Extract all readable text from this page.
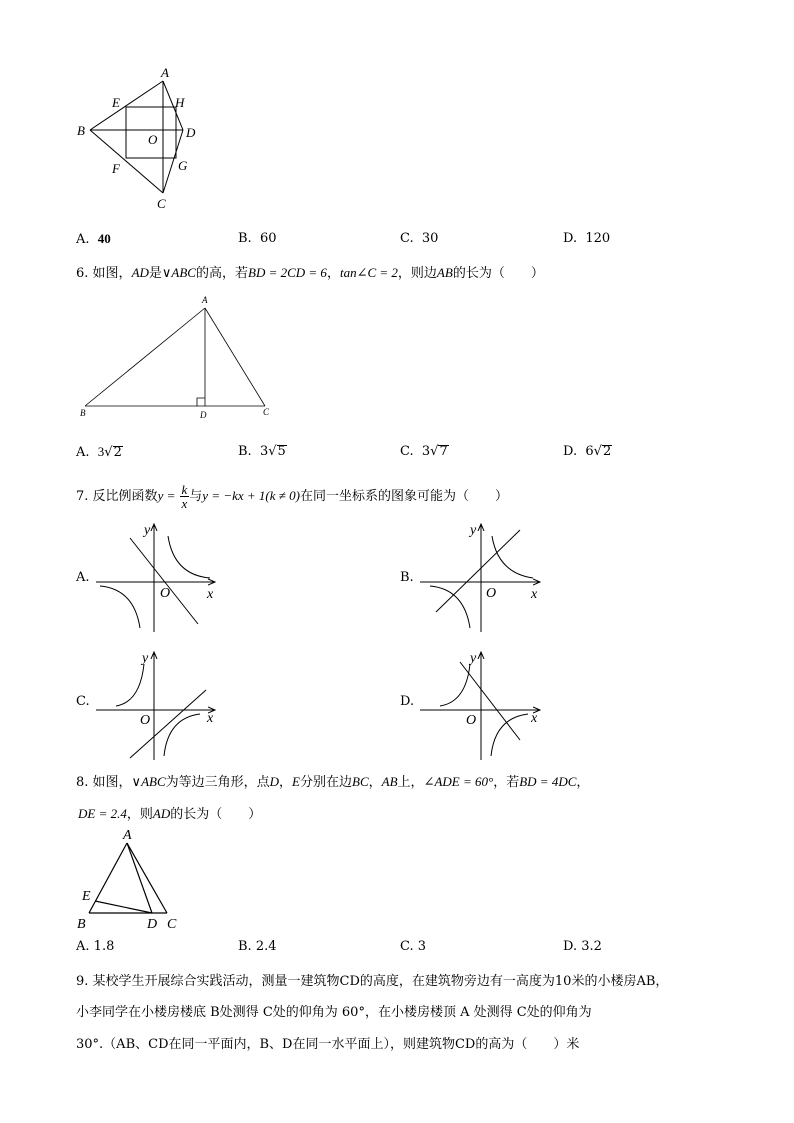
A
E	H
B
O D
F	G
C
A. 40	B. 60	C. 30	D. 120
6. 如图，AD是∨ABC的高，若BD = 2CD = 6，tan∠C = 2，则边AB的长为（　　）
A
B	D	C
A. 3√2	B. 3√5	C. 3√7	D. 6√2
7. 反比例函数$y = \frac{k}{x}$ 与y = −kx + 1(k ≠ 0)在同一坐标系的图象可能为（　　）
y
x
O
y
x
O
y
x
O
y
x
O
A.	B.
C.	D.
8. 如图，∨ABC为等边三角形，点D，E分别在边BC，AB上，∠ADE = 60°，若BD = 4DC，
DE = 2.4，则AD的长为（　　）
A
E
B	D C
A. 1.8	B. 2.4	C. 3	D. 3.2
9. 某校学生开展综合实践活动，测量一建筑物CD的高度，在建筑物旁边有一高度为10米的小楼房AB，
小李同学在小楼房楼底 B处测得 C处的仰角为 60°，在小楼房楼顶 A 处测得 C处的仰角为
30°.（AB、CD在同一平面内，B、D在同一水平面上），则建筑物CD的高为（　　）米
